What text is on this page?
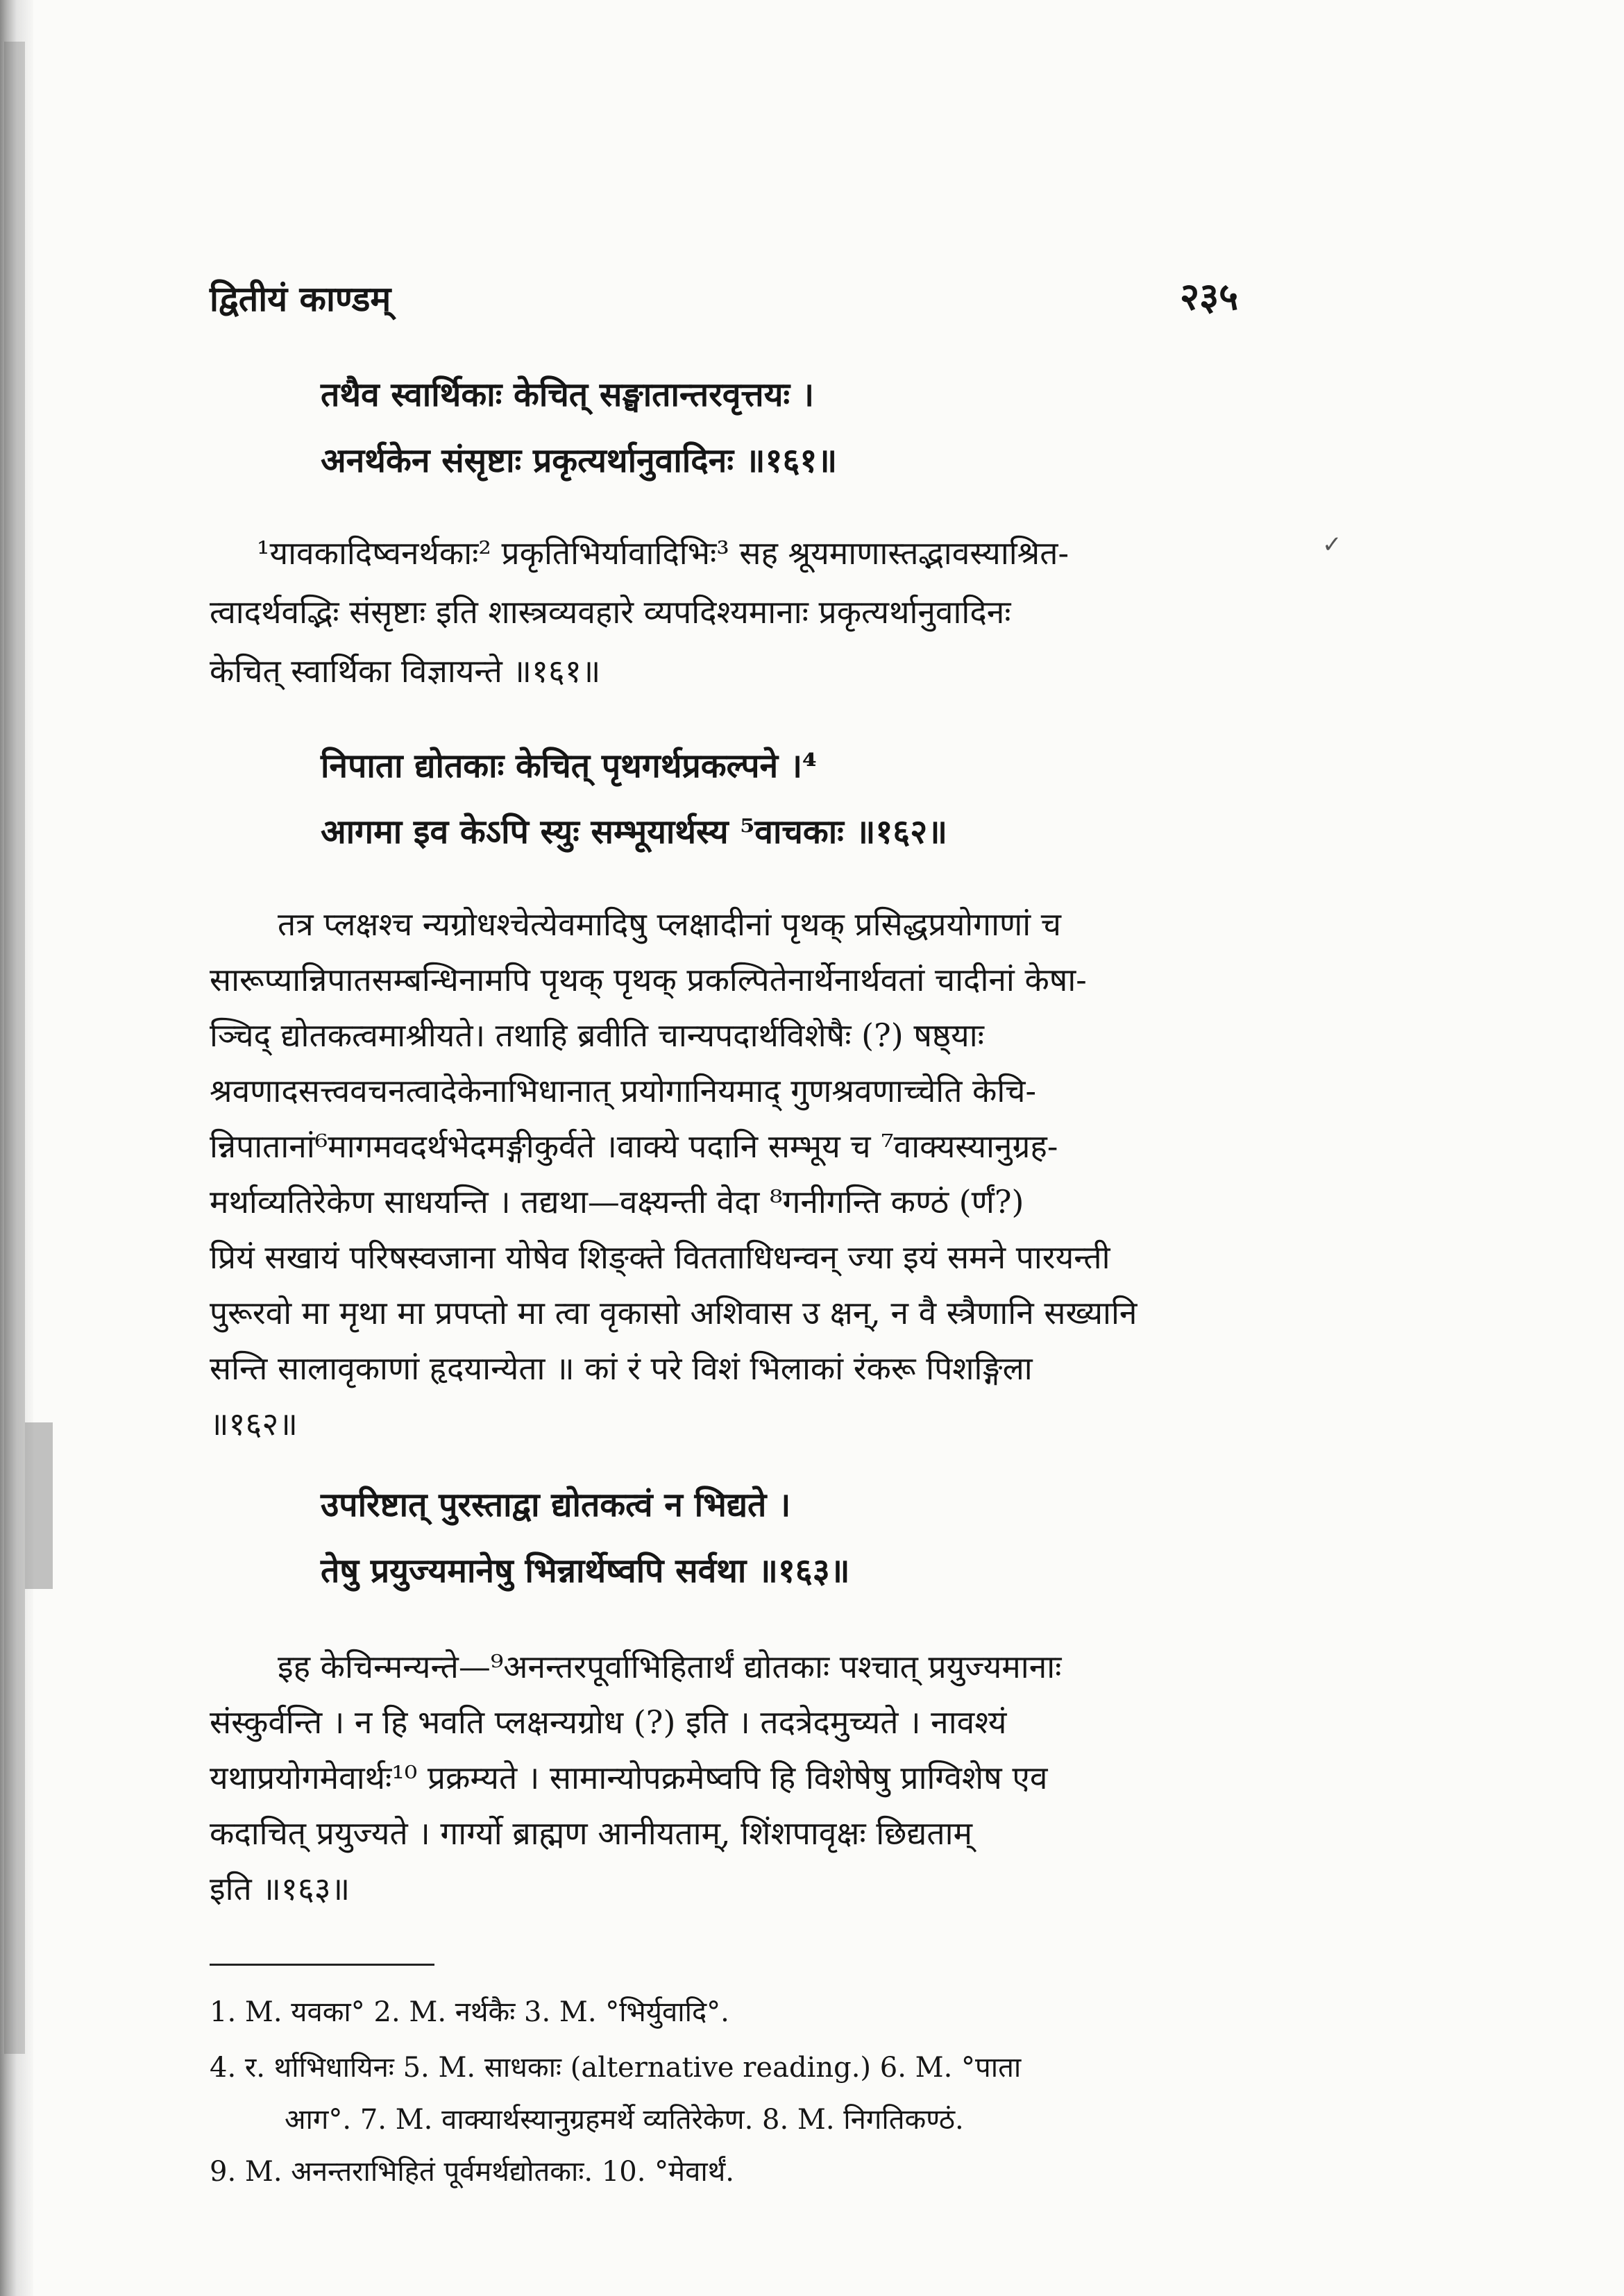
द्वितीयं काण्डम्	२३५
तथैव स्वार्थिकाः केचित् सङ्घातान्तरवृत्तयः ।
अनर्थकेन संसृष्टाः प्रकृत्यर्थानुवादिनः ॥१६१॥
¹यावकादिष्वनर्थकाः² प्रकृतिभिर्यावादिभिः³ सह श्रूयमाणास्तद्भावस्याश्रित-	✓
त्वादर्थवद्भिः संसृष्टाः इति शास्त्रव्यवहारे व्यपदिश्यमानाः प्रकृत्यर्थानुवादिनः
केचित् स्वार्थिका विज्ञायन्ते ॥१६१॥
निपाता द्योतकाः केचित् पृथगर्थप्रकल्पने ।⁴
आगमा इव केऽपि स्युः सम्भूयार्थस्य ⁵वाचकाः ॥१६२॥
तत्र प्लक्षश्च न्यग्रोधश्चेत्येवमादिषु प्लक्षादीनां पृथक् प्रसिद्धप्रयोगाणां च
सारूप्यान्निपातसम्बन्धिनामपि पृथक् पृथक् प्रकल्पितेनार्थेनार्थवतां चादीनां केषा-
ञ्चिद् द्योतकत्वमाश्रीयते। तथाहि ब्रवीति चान्यपदार्थविशेषैः (?) षष्ठ्याः
श्रवणादसत्त्ववचनत्वादेकेनाभिधानात् प्रयोगानियमाद् गुणश्रवणाच्चेति केचि-
न्निपातानां⁶मागमवदर्थभेदमङ्गीकुर्वते ।वाक्ये पदानि सम्भूय च ⁷वाक्यस्यानुग्रह-
मर्थाव्यतिरेकेण साधयन्ति । तद्यथा—वक्ष्यन्ती वेदा ⁸गनीगन्ति कण्ठं (र्णं?)
प्रियं सखायं परिषस्वजाना योषेव शिङ्क्ते वितताधिधन्वन् ज्या इयं समने पारयन्ती
पुरूरवो मा मृथा मा प्रपप्तो मा त्वा वृकासो अशिवास उ क्षन्, न वै स्त्रैणानि सख्यानि
सन्ति सालावृकाणां हृदयान्येता ॥ कां रं परे विशं भिलाकां रंकरू पिशङ्गिला
॥१६२॥
उपरिष्टात् पुरस्ताद्वा द्योतकत्वं न भिद्यते ।
तेषु प्रयुज्यमानेषु भिन्नार्थेष्वपि सर्वथा ॥१६३॥
इह केचिन्मन्यन्ते—⁹अनन्तरपूर्वाभिहितार्थं द्योतकाः पश्चात् प्रयुज्यमानाः
संस्कुर्वन्ति । न हि भवति प्लक्षन्यग्रोध (?) इति । तदत्रेदमुच्यते । नावश्यं
यथाप्रयोगमेवार्थः¹⁰ प्रक्रम्यते । सामान्योपक्रमेष्वपि हि विशेषेषु प्राग्विशेष एव
कदाचित् प्रयुज्यते । गार्ग्यो ब्राह्मण आनीयताम्, शिंशपावृक्षः छिद्यताम्
इति ॥१६३॥
1. M. यवका° 2. M. नर्थकैः 3. M. °भिर्युवादि°.
4. र. र्थाभिधायिनः 5. M. साधकाः (alternative reading.) 6. M. °पाता
आग°. 7. M. वाक्यार्थस्यानुग्रहमर्थे व्यतिरेकेण. 8. M. निगतिकण्ठं.
9. M. अनन्तराभिहितं पूर्वमर्थद्योतकाः. 10. °मेवार्थं.
